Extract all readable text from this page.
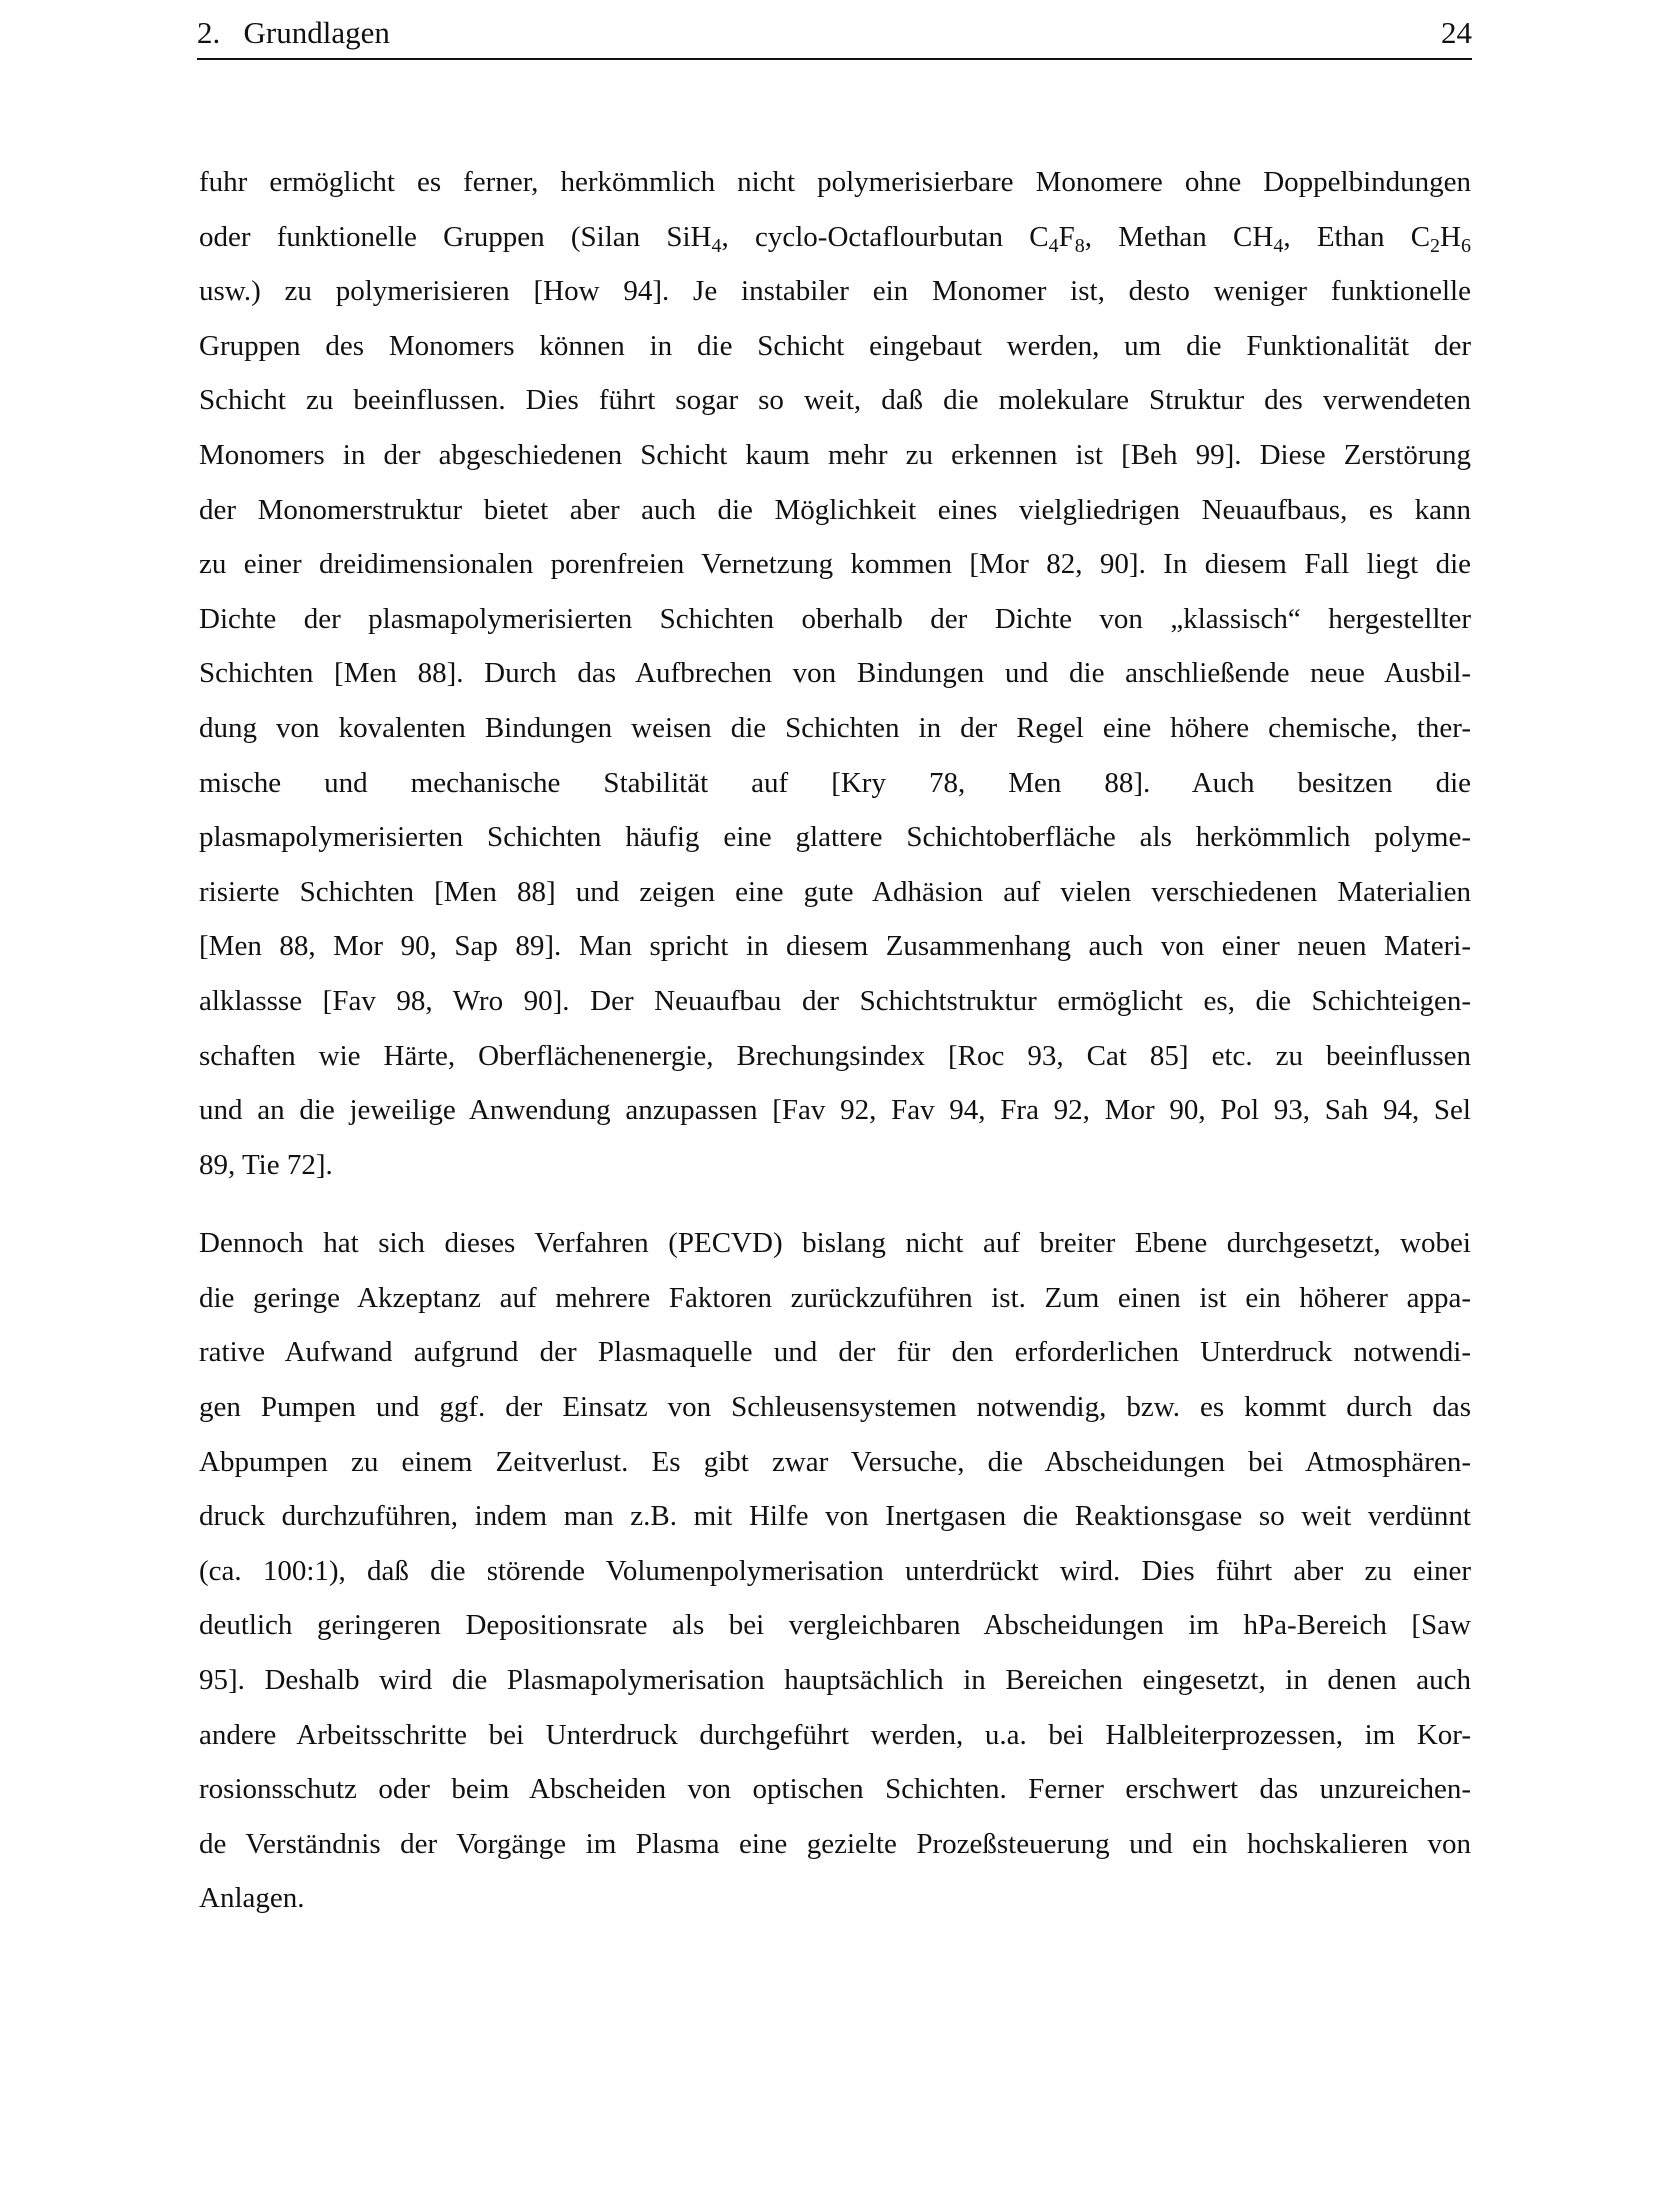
2.   Grundlagen	24

fuhr ermöglicht es ferner, herkömmlich nicht polymerisierbare Monomere ohne Doppelbindungen
oder funktionelle Gruppen (Silan SiH$_4$, cyclo-Octaflourbutan $C_4F_8$, Methan $CH_4$, Ethan $C_2H_6$
usw.) zu polymerisieren [How 94]. Je instabiler ein Monomer ist, desto weniger funktionelle
Gruppen des Monomers können in die Schicht eingebaut werden, um die Funktionalität der
Schicht zu beeinflussen. Dies führt sogar so weit, daß die molekulare Struktur des verwendeten
Monomers in der abgeschiedenen Schicht kaum mehr zu erkennen ist [Beh 99]. Diese Zerstörung
der Monomerstruktur bietet aber auch die Möglichkeit eines vielgliedrigen Neuaufbaus, es kann
zu einer dreidimensionalen porenfreien Vernetzung kommen [Mor 82, 90]. In diesem Fall liegt die
Dichte der plasmapolymerisierten Schichten oberhalb der Dichte von „klassisch“ hergestellter
Schichten [Men 88]. Durch das Aufbrechen von Bindungen und die anschließende neue Ausbil-
dung von kovalenten Bindungen weisen die Schichten in der Regel eine höhere chemische, ther-
mische und mechanische Stabilität auf [Kry 78, Men 88]. Auch besitzen die
plasmapolymerisierten Schichten häufig eine glattere Schichtoberfläche als herkömmlich polyme-
risierte Schichten [Men 88] und zeigen eine gute Adhäsion auf vielen verschiedenen Materialien
[Men 88, Mor 90, Sap 89]. Man spricht in diesem Zusammenhang auch von einer neuen Materi-
alklassse [Fav 98, Wro 90]. Der Neuaufbau der Schichtstruktur ermöglicht es, die Schichteigen-
schaften wie Härte, Oberflächenenergie, Brechungsindex [Roc 93, Cat 85] etc. zu beeinflussen
und an die jeweilige Anwendung anzupassen [Fav 92, Fav 94, Fra 92, Mor 90, Pol 93, Sah 94, Sel
89, Tie 72].

Dennoch hat sich dieses Verfahren (PECVD) bislang nicht auf breiter Ebene durchgesetzt, wobei
die geringe Akzeptanz auf mehrere Faktoren zurückzuführen ist. Zum einen ist ein höherer appa-
rative Aufwand aufgrund der Plasmaquelle und der für den erforderlichen Unterdruck notwendi-
gen Pumpen und ggf. der Einsatz von Schleusensystemen notwendig, bzw. es kommt durch das
Abpumpen zu einem Zeitverlust. Es gibt zwar Versuche, die Abscheidungen bei Atmosphären-
druck durchzuführen, indem man z.B. mit Hilfe von Inertgasen die Reaktionsgase so weit verdünnt
(ca. 100:1), daß die störende Volumenpolymerisation unterdrückt wird. Dies führt aber zu einer
deutlich geringeren Depositionsrate als bei vergleichbaren Abscheidungen im hPa-Bereich [Saw
95]. Deshalb wird die Plasmapolymerisation hauptsächlich in Bereichen eingesetzt, in denen auch
andere Arbeitsschritte bei Unterdruck durchgeführt werden, u.a. bei Halbleiterprozessen, im Kor-
rosionsschutz oder beim Abscheiden von optischen Schichten. Ferner erschwert das unzureichen-
de Verständnis der Vorgänge im Plasma eine gezielte Prozeßsteuerung und ein hochskalieren von
Anlagen.
